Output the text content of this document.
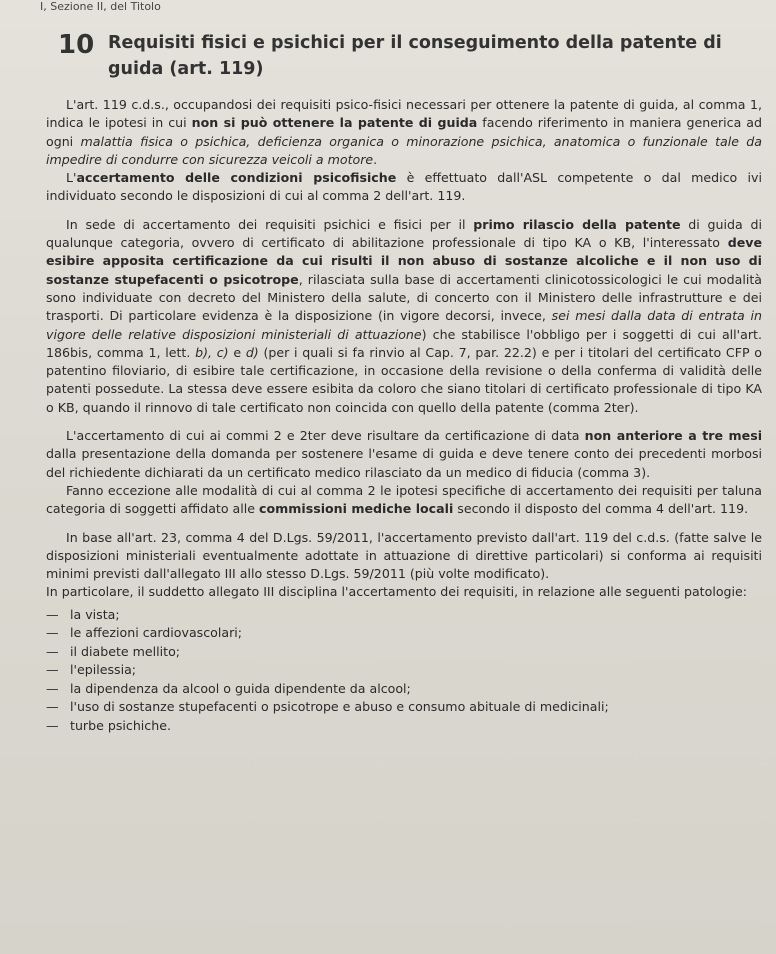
I, Sezione II, del Titolo
10 Requisiti fisici e psichici per il conseguimento della patente di guida (art. 119)

L'art. 119 c.d.s., occupandosi dei requisiti psico-fisici necessari per ottenere la patente di guida, al comma 1, indica le ipotesi in cui non si può ottenere la patente di guida facendo riferimento in maniera generica ad ogni malattia fisica o psichica, deficienza organica o minorazione psichica, anatomica o funzionale tale da impedire di condurre con sicurezza veicoli a motore.

L'accertamento delle condizioni psicofisiche è effettuato dall'ASL competente o dal medico ivi individuato secondo le disposizioni di cui al comma 2 dell'art. 119.

In sede di accertamento dei requisiti psichici e fisici per il primo rilascio della patente di guida di qualunque categoria, ovvero di certificato di abilitazione professionale di tipo KA o KB, l'interessato deve esibire apposita certificazione da cui risulti il non abuso di sostanze alcoliche e il non uso di sostanze stupefacenti o psicotrope, rilasciata sulla base di accertamenti clinicotossicologici le cui modalità sono individuate con decreto del Ministero della salute, di concerto con il Ministero delle infrastrutture e dei trasporti. Di particolare evidenza è la disposizione (in vigore decorsi, invece, sei mesi dalla data di entrata in vigore delle relative disposizioni ministeriali di attuazione) che stabilisce l'obbligo per i soggetti di cui all'art. 186bis, comma 1, lett. b), c) e d) (per i quali si fa rinvio al Cap. 7, par. 22.2) e per i titolari del certificato CFP o patentino filoviario, di esibire tale certificazione, in occasione della revisione o della conferma di validità delle patenti possedute. La stessa deve essere esibita da coloro che siano titolari di certificato professionale di tipo KA o KB, quando il rinnovo di tale certificato non coincida con quello della patente (comma 2ter).

L'accertamento di cui ai commi 2 e 2ter deve risultare da certificazione di data non anteriore a tre mesi dalla presentazione della domanda per sostenere l'esame di guida e deve tenere conto dei precedenti morbosi del richiedente dichiarati da un certificato medico rilasciato da un medico di fiducia (comma 3).

Fanno eccezione alle modalità di cui al comma 2 le ipotesi specifiche di accertamento dei requisiti per taluna categoria di soggetti affidato alle commissioni mediche locali secondo il disposto del comma 4 dell'art. 119.

In base all'art. 23, comma 4 del D.Lgs. 59/2011, l'accertamento previsto dall'art. 119 del c.d.s. (fatte salve le disposizioni ministeriali eventualmente adottate in attuazione di direttive particolari) si conforma ai requisiti minimi previsti dall'allegato III allo stesso D.Lgs. 59/2011 (più volte modificato).

In particolare, il suddetto allegato III disciplina l'accertamento dei requisiti, in relazione alle seguenti patologie:

— la vista;
— le affezioni cardiovascolari;
— il diabete mellito;
— l'epilessia;
— la dipendenza da alcool o guida dipendente da alcool;
— l'uso di sostanze stupefacenti o psicotrope e abuso e consumo abituale di medicinali;
— turbe psichiche.
